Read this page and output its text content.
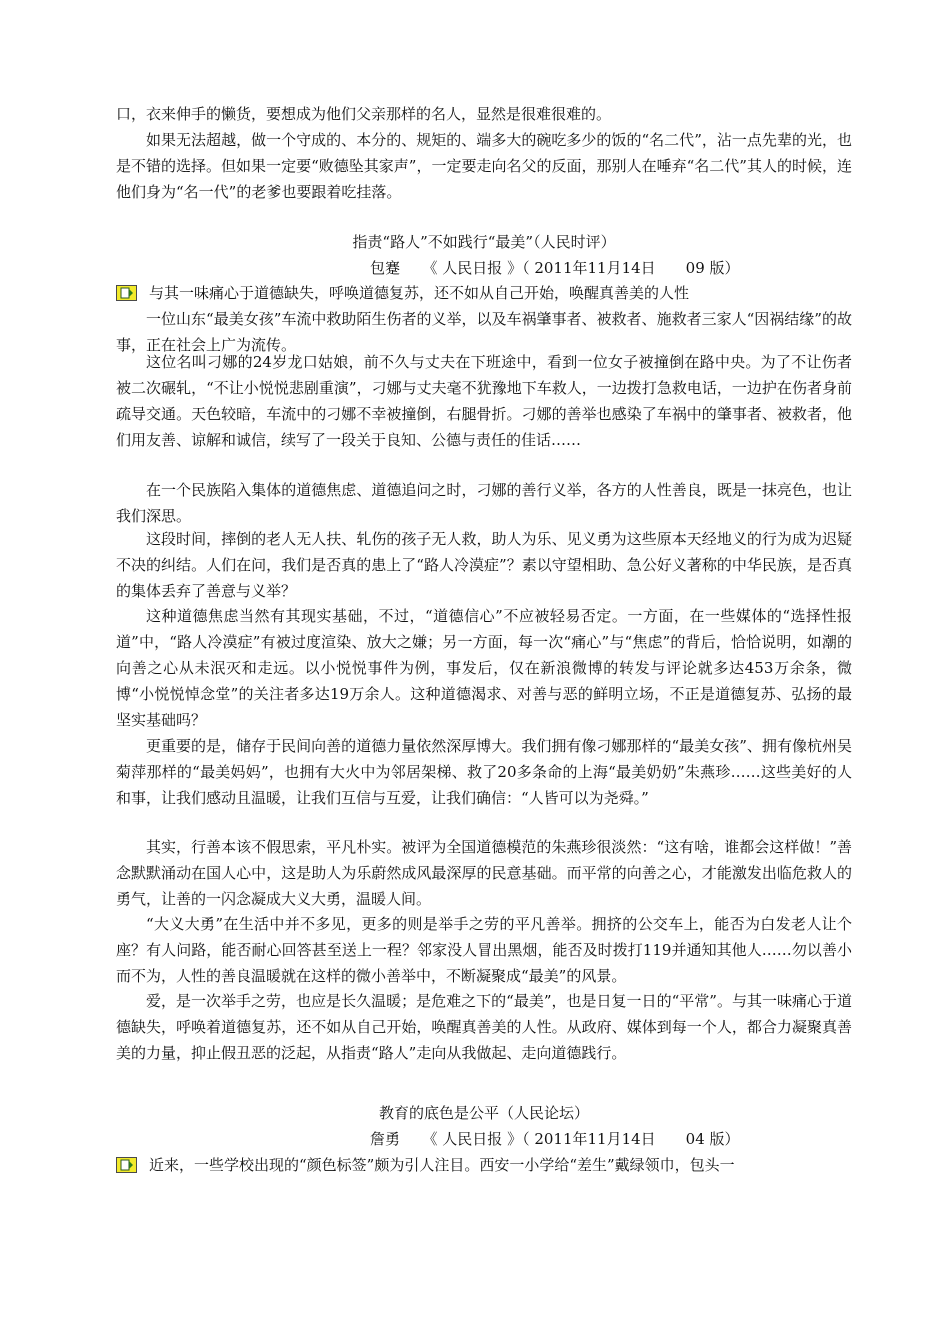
口，衣来伸手的懒货，要想成为他们父亲那样的名人，显然是很难很难的。

如果无法超越，做一个守成的、本分的、规矩的、端多大的碗吃多少的饭的“名二代”，沾一点先辈的光，也是不错的选择。但如果一定要“败德坠其家声”，一定要走向名父的反面，那别人在唾弃“名二代”其人的时候，连他们身为“名一代”的老爹也要跟着吃挂落。

指责“路人”不如践行“最美”（人民时评）

包蹇　　 《 人民日报 》（ 2011年11月14日　　09 版）

与其一味痛心于道德缺失，呼唤道德复苏，还不如从自己开始，唤醒真善美的人性

一位山东“最美女孩”车流中救助陌生伤者的义举，以及车祸肇事者、被救者、施救者三家人“因祸结缘”的故事，正在社会上广为流传。

这位名叫刁娜的24岁龙口姑娘，前不久与丈夫在下班途中，看到一位女子被撞倒在路中央。为了不让伤者被二次碾轧，“不让小悦悦悲剧重演”，刁娜与丈夫毫不犹豫地下车救人，一边拨打急救电话，一边护在伤者身前疏导交通。天色较暗，车流中的刁娜不幸被撞倒，右腿骨折。刁娜的善举也感染了车祸中的肇事者、被救者，他们用友善、谅解和诚信，续写了一段关于良知、公德与责任的佳话……

在一个民族陷入集体的道德焦虑、道德追问之时，刁娜的善行义举，各方的人性善良，既是一抹亮色，也让我们深思。

这段时间，摔倒的老人无人扶、轧伤的孩子无人救，助人为乐、见义勇为这些原本天经地义的行为成为迟疑不决的纠结。人们在问，我们是否真的患上了“路人冷漠症”？素以守望相助、急公好义著称的中华民族，是否真的集体丢弃了善意与义举？

这种道德焦虑当然有其现实基础，不过，“道德信心”不应被轻易否定。一方面，在一些媒体的“选择性报道”中，“路人冷漠症”有被过度渲染、放大之嫌；另一方面，每一次“痛心”与“焦虑”的背后，恰恰说明，如潮的向善之心从未泯灭和走远。以小悦悦事件为例，事发后，仅在新浪微博的转发与评论就多达453万余条，微博“小悦悦悼念堂”的关注者多达19万余人。这种道德渴求、对善与恶的鲜明立场，不正是道德复苏、弘扬的最坚实基础吗？

更重要的是，储存于民间向善的道德力量依然深厚博大。我们拥有像刁娜那样的“最美女孩”、拥有像杭州吴菊萍那样的“最美妈妈”，也拥有大火中为邻居架梯、救了20多条命的上海“最美奶奶”朱燕珍……这些美好的人和事，让我们感动且温暖，让我们互信与互爱，让我们确信：“人皆可以为尧舜。”

其实，行善本该不假思索，平凡朴实。被评为全国道德模范的朱燕珍很淡然：“这有啥，谁都会这样做！”善念默默涌动在国人心中，这是助人为乐蔚然成风最深厚的民意基础。而平常的向善之心，才能激发出临危救人的勇气，让善的一闪念凝成大义大勇，温暖人间。

“大义大勇”在生活中并不多见，更多的则是举手之劳的平凡善举。拥挤的公交车上，能否为白发老人让个座？有人问路，能否耐心回答甚至送上一程？邻家没人冒出黑烟，能否及时拨打119并通知其他人……勿以善小而不为，人性的善良温暖就在这样的微小善举中，不断凝聚成“最美”的风景。

爱，是一次举手之劳，也应是长久温暖；是危难之下的“最美”，也是日复一日的“平常”。与其一味痛心于道德缺失，呼唤着道德复苏，还不如从自己开始，唤醒真善美的人性。从政府、媒体到每一个人，都合力凝聚真善美的力量，抑止假丑恶的泛起，从指责“路人”走向从我做起、走向道德践行。

教育的底色是公平（人民论坛）

詹勇　　 《 人民日报 》（ 2011年11月14日　　04 版）

近来，一些学校出现的“颜色标签”颇为引人注目。西安一小学给“差生”戴绿领巾，包头一
